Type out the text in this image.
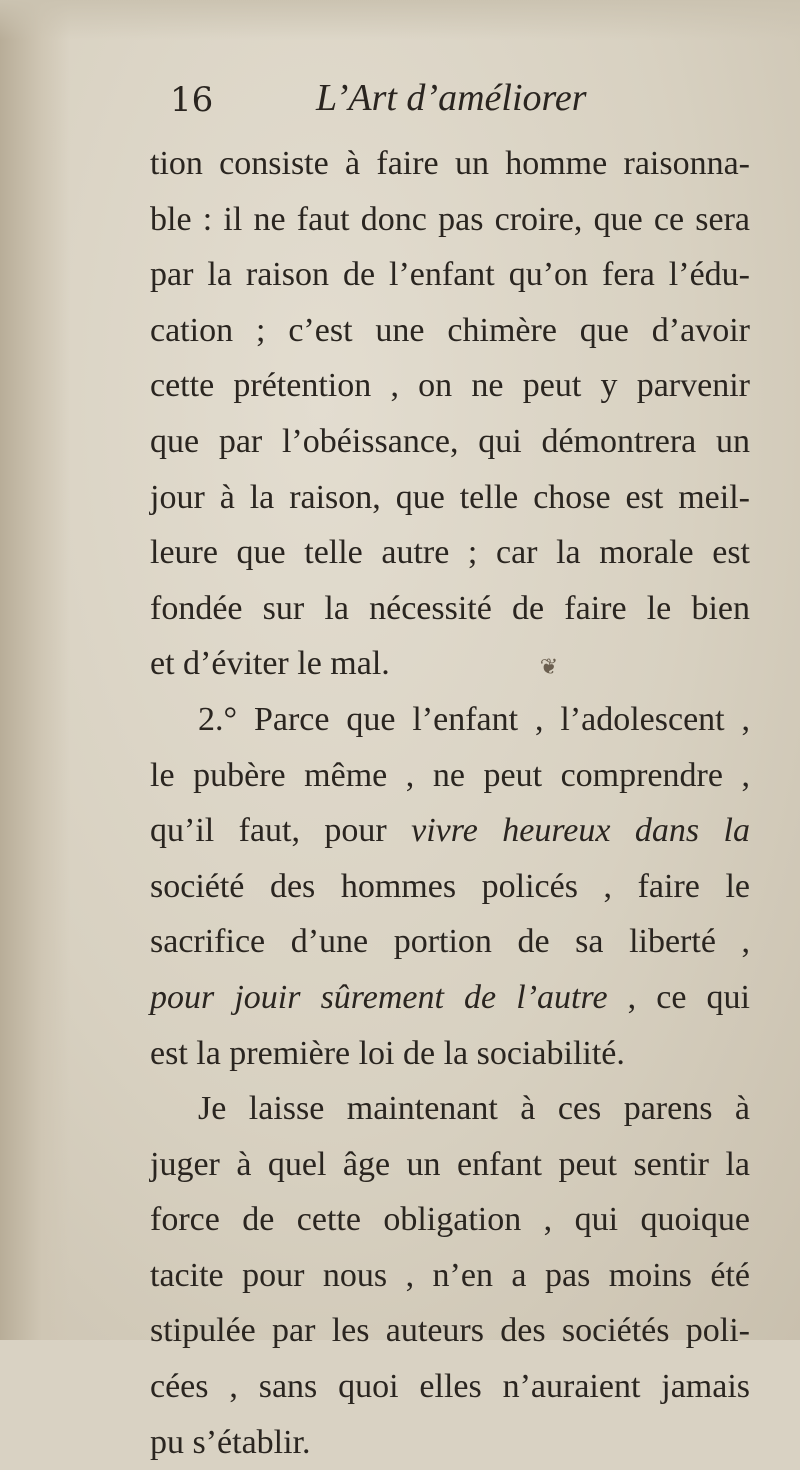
16	L’Art d’améliorer
tion consiste à faire un homme raisonna-
ble : il ne faut donc pas croire, que ce sera
par la raison de l’enfant qu’on fera l’édu-
cation ; c’est une chimère que d’avoir
cette prétention , on ne peut y parvenir
que par l’obéissance, qui démontrera un
jour à la raison, que telle chose est meil-
leure que telle autre ; car la morale est
fondée sur la nécessité de faire le bien
et d’éviter le mal.	❦
2.° Parce que l’enfant , l’adolescent ,
le pubère même , ne peut comprendre ,
qu’il faut, pour vivre heureux dans la
société des hommes policés , faire le
sacrifice d’une portion de sa liberté ,
pour jouir sûrement de l’autre , ce qui
est la première loi de la sociabilité.
Je laisse maintenant à ces parens à
juger à quel âge un enfant peut sentir la
force de cette obligation , qui quoique
tacite pour nous , n’en a pas moins été
stipulée par les auteurs des sociétés poli-
cées , sans quoi elles n’auraient jamais
pu s’établir.
